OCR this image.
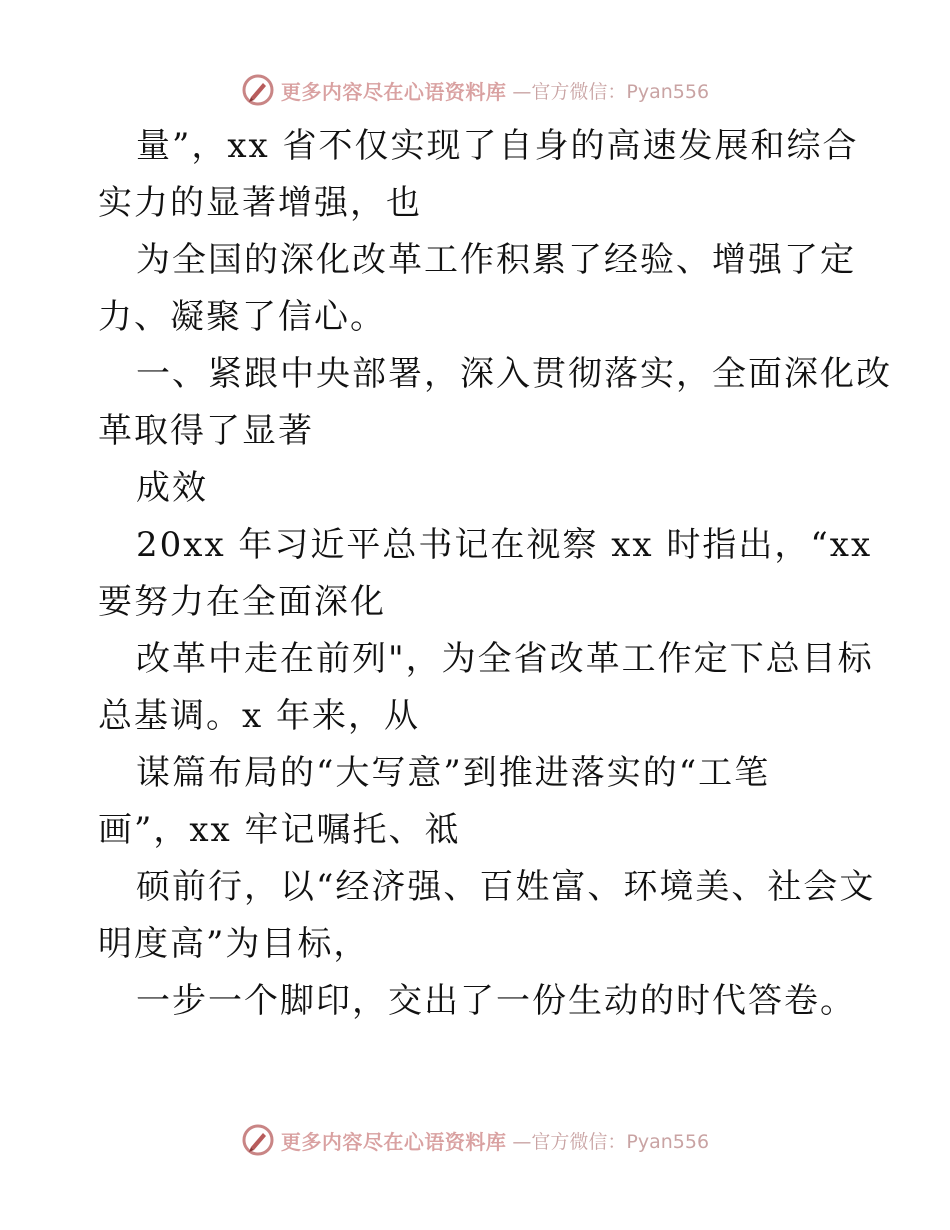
更多内容尽在心语资料库 —官方微信：Pyan556
量”，xx 省不仅实现了自身的高速发展和综合
实力的显著增强，也
为全国的深化改革工作积累了经验、增强了定
力、凝聚了信心。
一、紧跟中央部署，深入贯彻落实，全面深化改
革取得了显著
成效
20xx 年习近平总书记在视察 xx 时指出，“xx
要努力在全面深化
改革中走在前列"，为全省改革工作定下总目标
总基调。x 年来，从
谋篇布局的“大写意”到推进落实的“工笔
画”，xx 牢记嘱托、祗
硕前行，以“经济强、百姓富、环境美、社会文
明度高”为目标，
一步一个脚印，交出了一份生动的时代答卷。
更多内容尽在心语资料库 —官方微信：Pyan556
